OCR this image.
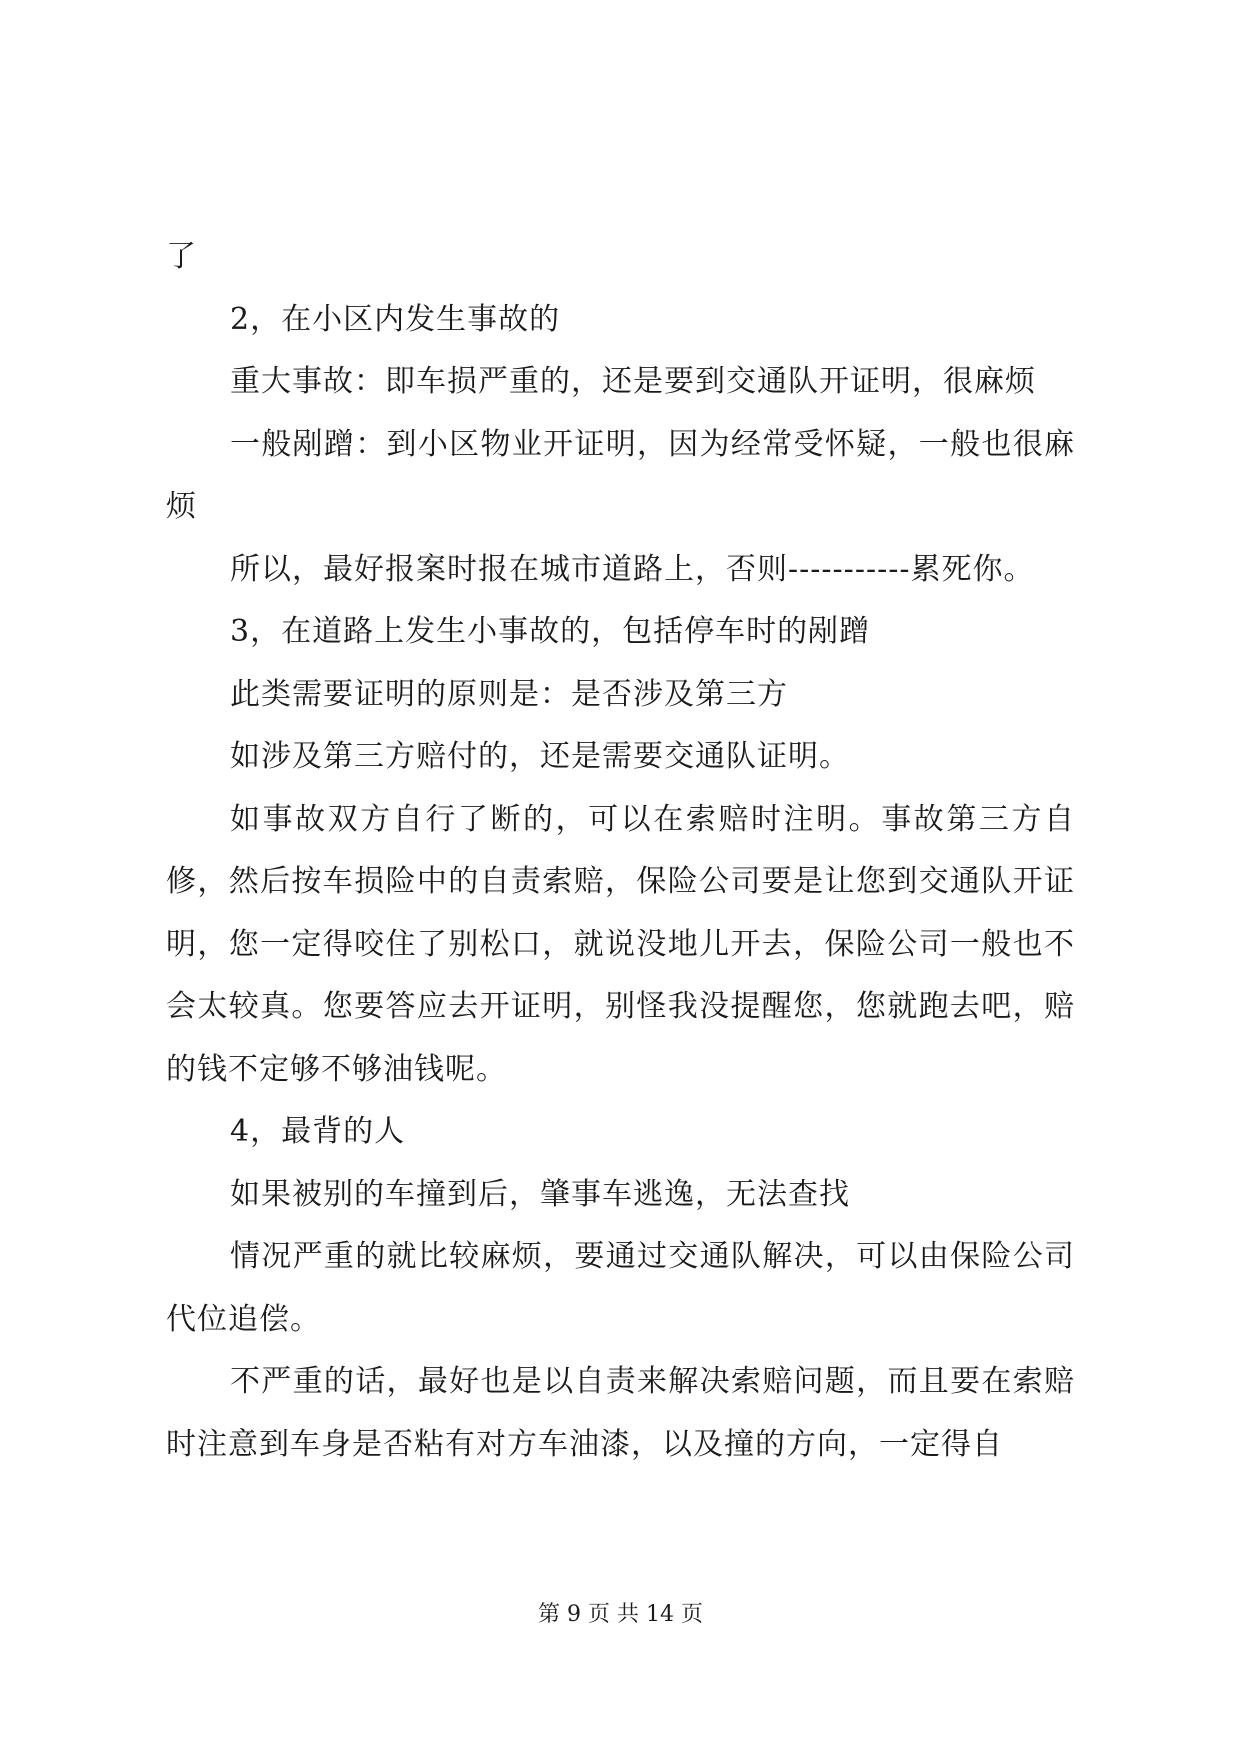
了

2，在小区内发生事故的

重大事故：即车损严重的，还是要到交通队开证明，很麻烦

一般剐蹭：到小区物业开证明，因为经常受怀疑，一般也很麻烦

所以，最好报案时报在城市道路上，否则-----------累死你。

3，在道路上发生小事故的，包括停车时的剐蹭

此类需要证明的原则是：是否涉及第三方

如涉及第三方赔付的，还是需要交通队证明。

如事故双方自行了断的，可以在索赔时注明。事故第三方自修，然后按车损险中的自责索赔，保险公司要是让您到交通队开证明，您一定得咬住了别松口，就说没地儿开去，保险公司一般也不会太较真。您要答应去开证明，别怪我没提醒您，您就跑去吧，赔的钱不定够不够油钱呢。

4，最背的人

如果被别的车撞到后，肇事车逃逸，无法查找

情况严重的就比较麻烦，要通过交通队解决，可以由保险公司代位追偿。

不严重的话，最好也是以自责来解决索赔问题，而且要在索赔时注意到车身是否粘有对方车油漆，以及撞的方向，一定得自

第 9 页 共 14 页
